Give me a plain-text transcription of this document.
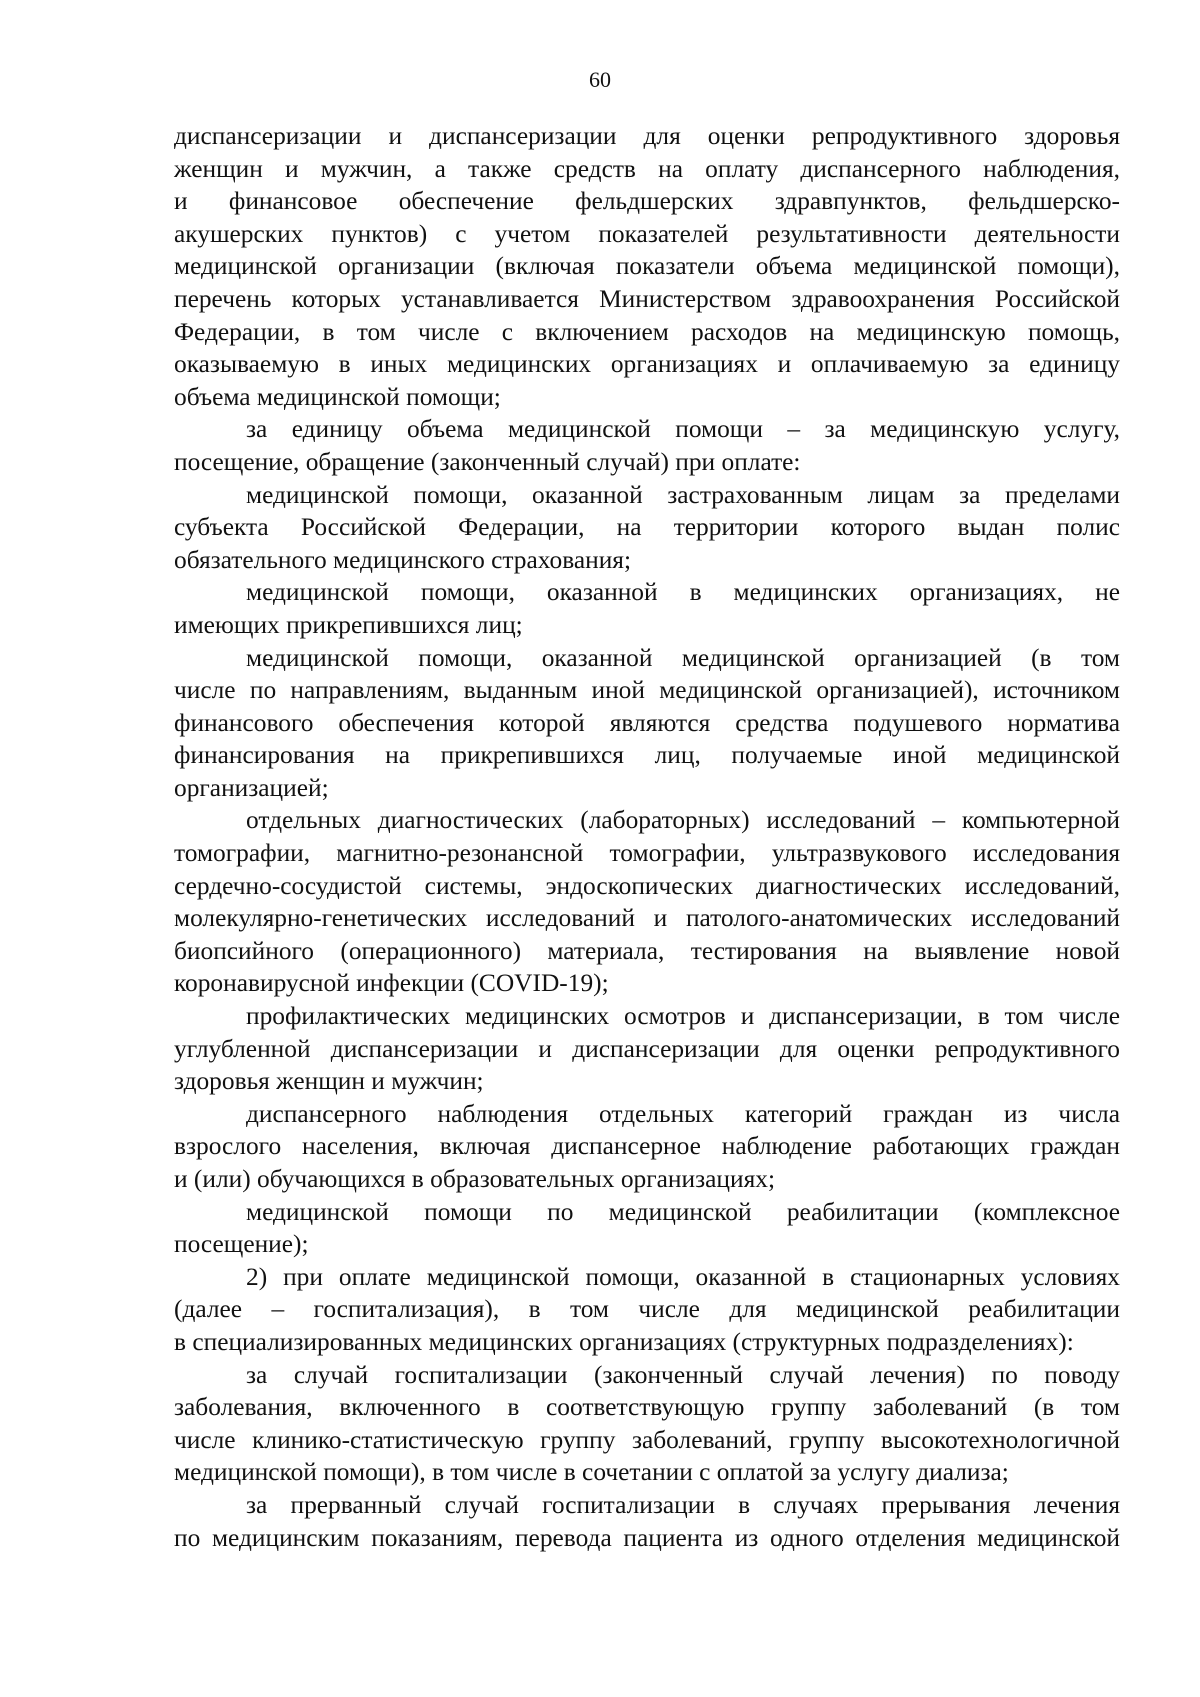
60
диспансеризации и диспансеризации для оценки репродуктивного здоровья
женщин и мужчин, а также средств на оплату диспансерного наблюдения,
и финансовое обеспечение фельдшерских здравпунктов, фельдшерско-
акушерских пунктов) с учетом показателей результативности деятельности
медицинской организации (включая показатели объема медицинской помощи),
перечень которых устанавливается Министерством здравоохранения Российской
Федерации, в том числе с включением расходов на медицинскую помощь,
оказываемую в иных медицинских организациях и оплачиваемую за единицу
объема медицинской помощи;
за единицу объема медицинской помощи – за медицинскую услугу,
посещение, обращение (законченный случай) при оплате:
медицинской помощи, оказанной застрахованным лицам за пределами
субъекта Российской Федерации, на территории которого выдан полис
обязательного медицинского страхования;
медицинской помощи, оказанной в медицинских организациях, не
имеющих прикрепившихся лиц;
медицинской помощи, оказанной медицинской организацией (в том
числе по направлениям, выданным иной медицинской организацией), источником
финансового обеспечения которой являются средства подушевого норматива
финансирования на прикрепившихся лиц, получаемые иной медицинской
организацией;
отдельных диагностических (лабораторных) исследований – компьютерной
томографии, магнитно-резонансной томографии, ультразвукового исследования
сердечно-сосудистой системы, эндоскопических диагностических исследований,
молекулярно-генетических исследований и патолого-анатомических исследований
биопсийного (операционного) материала, тестирования на выявление новой
коронавирусной инфекции (COVID-19);
профилактических медицинских осмотров и диспансеризации, в том числе
углубленной диспансеризации и диспансеризации для оценки репродуктивного
здоровья женщин и мужчин;
диспансерного наблюдения отдельных категорий граждан из числа
взрослого населения, включая диспансерное наблюдение работающих граждан
и (или) обучающихся в образовательных организациях;
медицинской помощи по медицинской реабилитации (комплексное
посещение);
2) при оплате медицинской помощи, оказанной в стационарных условиях
(далее – госпитализация), в том числе для медицинской реабилитации
в специализированных медицинских организациях (структурных подразделениях):
за случай госпитализации (законченный случай лечения) по поводу
заболевания, включенного в соответствующую группу заболеваний (в том
числе клинико-статистическую группу заболеваний, группу высокотехнологичной
медицинской помощи), в том числе в сочетании с оплатой за услугу диализа;
за прерванный случай госпитализации в случаях прерывания лечения
по медицинским показаниям, перевода пациента из одного отделения медицинской
